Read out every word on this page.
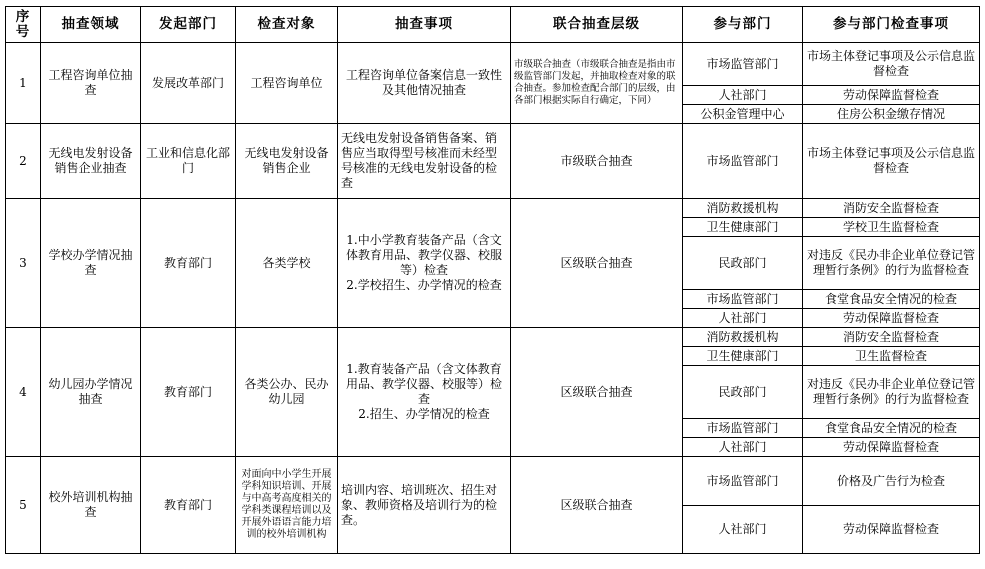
序号	抽查领域	发起部门	检查对象	抽查事项	联合抽查层级	参与部门	参与部门检查事项
1	工程咨询单位抽查	发展改革部门	工程咨询单位	工程咨询单位备案信息一致性及其他情况抽查	市级联合抽查（市级联合抽查是指由市级监管部门发起，并抽取检查对象的联合抽查。参加检查配合部门的层级，由各部门根据实际自行确定，下同）	市场监管部门	市场主体登记事项及公示信息监督检查
						人社部门	劳动保障监督检查
						公积金管理中心	住房公积金缴存情况
2	无线电发射设备销售企业抽查	工业和信息化部门	无线电发射设备销售企业	无线电发射设备销售备案、销售应当取得型号核准而未经型号核准的无线电发射设备的检查	市级联合抽查	市场监管部门	市场主体登记事项及公示信息监督检查
3	学校办学情况抽查	教育部门	各类学校	1.中小学教育装备产品（含文体教育用品、教学仪器、校服等）检查
2.学校招生、办学情况的检查	区级联合抽查	消防救援机构	消防安全监督检查
						卫生健康部门	学校卫生监督检查
						民政部门	对违反《民办非企业单位登记管理暂行条例》的行为监督检查
						市场监管部门	食堂食品安全情况的检查
						人社部门	劳动保障监督检查
4	幼儿园办学情况抽查	教育部门	各类公办、民办幼儿园	1.教育装备产品（含文体教育用品、教学仪器、校服等）检查
2.招生、办学情况的检查	区级联合抽查	消防救援机构	消防安全监督检查
						卫生健康部门	卫生监督检查
						民政部门	对违反《民办非企业单位登记管理暂行条例》的行为监督检查
						市场监管部门	食堂食品安全情况的检查
						人社部门	劳动保障监督检查
5	校外培训机构抽查	教育部门	对面向中小学生开展学科知识培训、开展与中高考高度相关的学科类课程培训以及开展外语语言能力培训的校外培训机构	培训内容、培训班次、招生对象、教师资格及培训行为的检查。	区级联合抽查	市场监管部门	价格及广告行为检查
						人社部门	劳动保障监督检查
